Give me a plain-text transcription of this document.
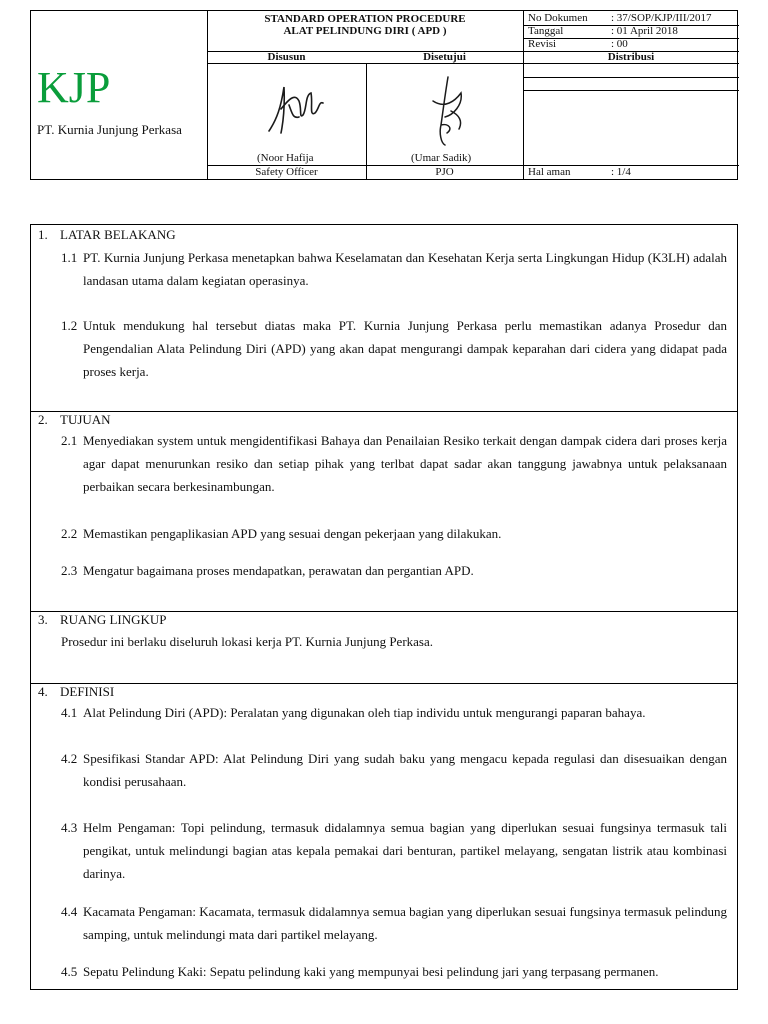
KJP
PT. Kurnia Junjung Perkasa
STANDARD OPERATION PROCEDURE
ALAT PELINDUNG DIRI ( APD )
No Dokumen : 37/SOP/KJP/III/2017
Tanggal	: 01 April 2018
Revisi	: 00
Disusun	Disetujui	Distribusi
(Noor Hafija	(Umar Sadik)
Safety Officer	PJO	Hal aman	: 1/4
1. LATAR BELAKANG
1.1 PT. Kurnia Junjung Perkasa menetapkan bahwa Keselamatan dan Kesehatan Kerja serta Lingkungan Hidup (K3LH) adalah landasan utama dalam kegiatan operasinya.
1.2 Untuk mendukung hal tersebut diatas maka PT. Kurnia Junjung Perkasa perlu memastikan adanya Prosedur dan Pengendalian Alata Pelindung Diri (APD) yang akan dapat mengurangi dampak keparahan dari cidera yang didapat pada proses kerja.
2. TUJUAN
2.1 Menyediakan system untuk mengidentifikasi Bahaya dan Penailaian Resiko terkait dengan dampak cidera dari proses kerja agar dapat menurunkan resiko dan setiap pihak yang terlbat dapat sadar akan tanggung jawabnya untuk pelaksanaan perbaikan secara berkesinambungan.
2.2 Memastikan pengaplikasian APD yang sesuai dengan pekerjaan yang dilakukan.
2.3 Mengatur bagaimana proses mendapatkan, perawatan dan pergantian APD.
3. RUANG LINGKUP
Prosedur ini berlaku diseluruh lokasi kerja PT. Kurnia Junjung Perkasa.
4. DEFINISI
4.1 Alat Pelindung Diri (APD): Peralatan yang digunakan oleh tiap individu untuk mengurangi paparan bahaya.
4.2 Spesifikasi Standar APD: Alat Pelindung Diri yang sudah baku yang mengacu kepada regulasi dan disesuaikan dengan kondisi perusahaan.
4.3 Helm Pengaman: Topi pelindung, termasuk didalamnya semua bagian yang diperlukan sesuai fungsinya termasuk tali pengikat, untuk melindungi bagian atas kepala pemakai dari benturan, partikel melayang, sengatan listrik atau kombinasi darinya.
4.4 Kacamata Pengaman: Kacamata, termasuk didalamnya semua bagian yang diperlukan sesuai fungsinya termasuk pelindung samping, untuk melindungi mata dari partikel melayang.
4.5 Sepatu Pelindung Kaki: Sepatu pelindung kaki yang mempunyai besi pelindung jari yang terpasang permanen.
